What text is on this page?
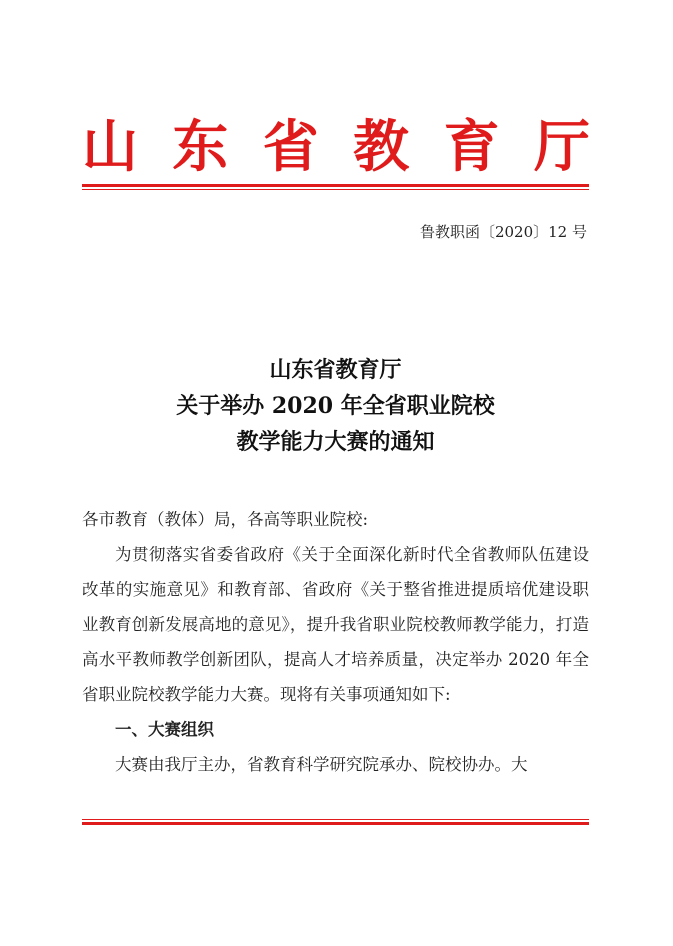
山 东 省 教 育 厅
鲁教职函〔2020〕12 号
山东省教育厅
关于举办 2020 年全省职业院校
教学能力大赛的通知
各市教育（教体）局，各高等职业院校:

为贯彻落实省委省政府《关于全面深化新时代全省教师队伍建设改革的实施意见》和教育部、省政府《关于整省推进提质培优建设职业教育创新发展高地的意见》，提升我省职业院校教师教学能力，打造高水平教师教学创新团队，提高人才培养质量，决定举办 2020 年全省职业院校教学能力大赛。现将有关事项通知如下:

一、大赛组织

大赛由我厅主办，省教育科学研究院承办、院校协办。大
